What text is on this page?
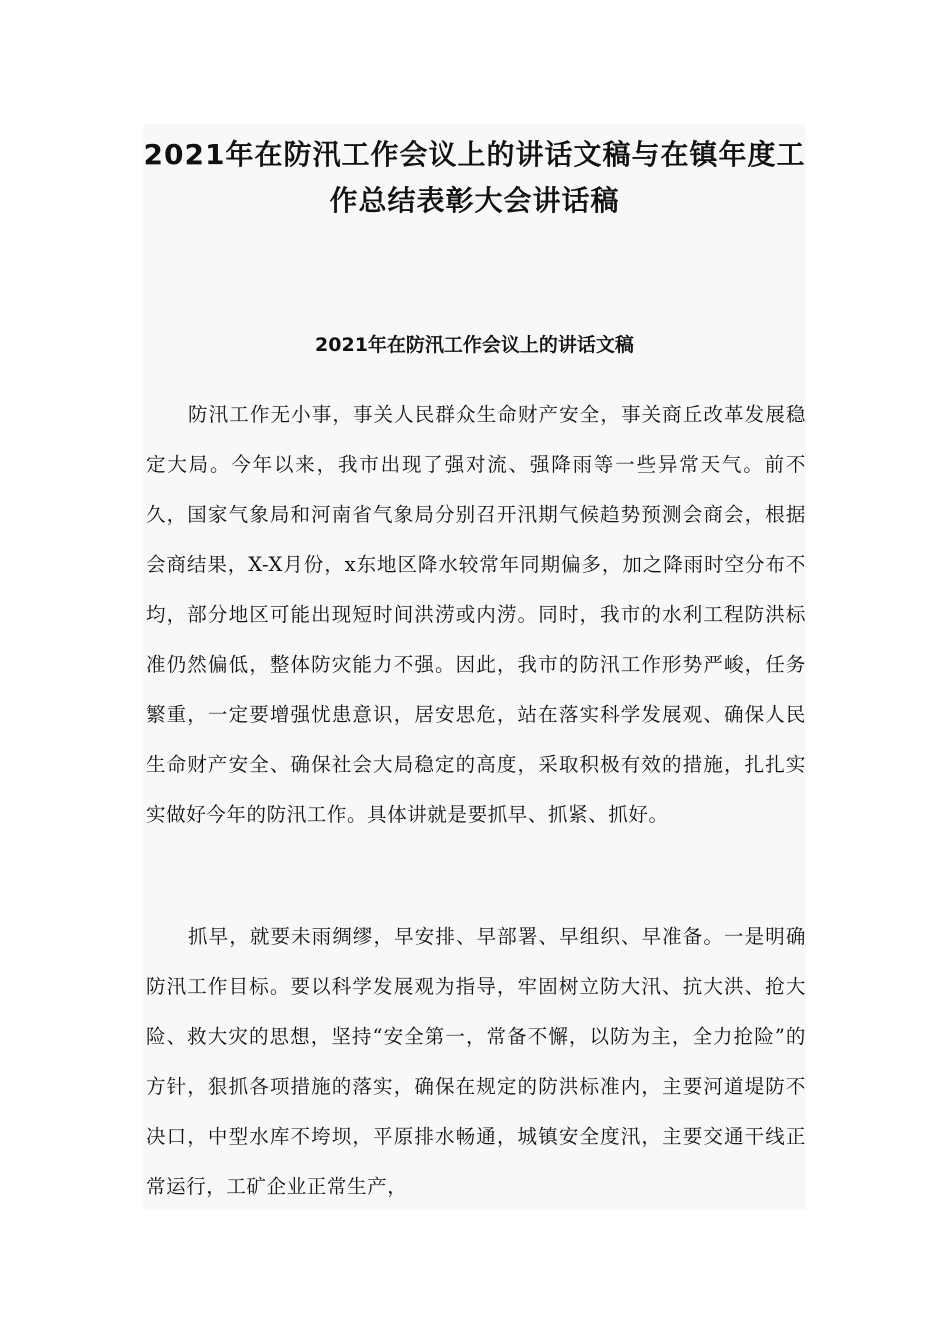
2021年在防汛工作会议上的讲话文稿与在镇年度工作总结表彰大会讲话稿
2021年在防汛工作会议上的讲话文稿

防汛工作无小事，事关人民群众生命财产安全，事关商丘改革发展稳定大局。今年以来，我市出现了强对流、强降雨等一些异常天气。前不久，国家气象局和河南省气象局分别召开汛期气候趋势预测会商会，根据会商结果，X-X月份，x东地区降水较常年同期偏多，加之降雨时空分布不均，部分地区可能出现短时间洪涝或内涝。同时，我市的水利工程防洪标准仍然偏低，整体防灾能力不强。因此，我市的防汛工作形势严峻，任务繁重，一定要增强忧患意识，居安思危，站在落实科学发展观、确保人民生命财产安全、确保社会大局稳定的高度，采取积极有效的措施，扎扎实实做好今年的防汛工作。具体讲就是要抓早、抓紧、抓好。

抓早，就要未雨绸缪，早安排、早部署、早组织、早准备。一是明确防汛工作目标。要以科学发展观为指导，牢固树立防大汛、抗大洪、抢大险、救大灾的思想，坚持“安全第一，常备不懈，以防为主，全力抢险”的方针，狠抓各项措施的落实，确保在规定的防洪标准内，主要河道堤防不决口，中型水库不垮坝，平原排水畅通，城镇安全度汛，主要交通干线正常运行，工矿企业正常生产，
